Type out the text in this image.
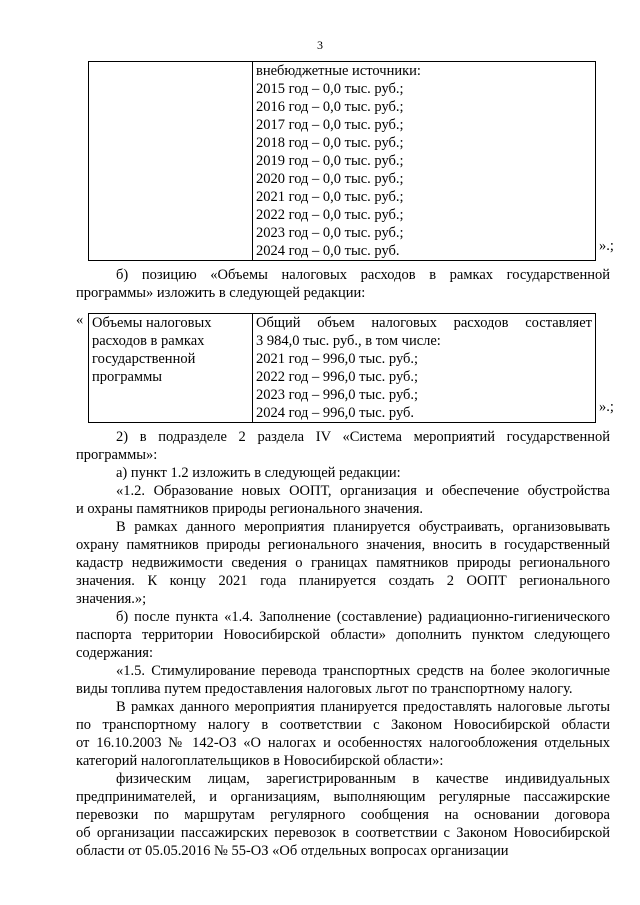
3

внебюджетные источники:
2015 год – 0,0 тыс. руб.;
2016 год – 0,0 тыс. руб.;
2017 год – 0,0 тыс. руб.;
2018 год – 0,0 тыс. руб.;
2019 год – 0,0 тыс. руб.;
2020 год – 0,0 тыс. руб.;
2021 год – 0,0 тыс. руб.;
2022 год – 0,0 тыс. руб.;
2023 год – 0,0 тыс. руб.;
2024 год – 0,0 тыс. руб.	».;
б) позицию «Объемы налоговых расходов в рамках государственной
программы» изложить в следующей редакции:
« Объемы налоговых
расходов в рамках
государственной
программы

Общий объем налоговых расходов составляет
3 984,0 тыс. руб., в том числе:
2021 год – 996,0 тыс. руб.;
2022 год – 996,0 тыс. руб.;
2023 год – 996,0 тыс. руб.;
2024 год – 996,0 тыс. руб.	».;
2) в подразделе 2 раздела IV «Система мероприятий государственной
программы»:
а) пункт 1.2 изложить в следующей редакции:
«1.2. Образование новых ООПТ, организация и обеспечение обустройства
и охраны памятников природы регионального значения.
В рамках данного мероприятия планируется обустраивать, организовывать
охрану памятников природы регионального значения, вносить в государственный
кадастр недвижимости сведения о границах памятников природы регионального
значения. К концу 2021 года планируется создать 2 ООПТ регионального
значения.»;
б) после пункта «1.4. Заполнение (составление) радиационно-гигиенического
паспорта территории Новосибирской области» дополнить пунктом следующего
содержания:
«1.5. Стимулирование перевода транспортных средств на более экологичные
виды топлива путем предоставления налоговых льгот по транспортному налогу.
В рамках данного мероприятия планируется предоставлять налоговые льготы
по транспортному налогу в соответствии с Законом Новосибирской области
от 16.10.2003 № 142-ОЗ «О налогах и особенностях налогообложения отдельных
категорий налогоплательщиков в Новосибирской области»:
физическим лицам, зарегистрированным в качестве индивидуальных
предпринимателей, и организациям, выполняющим регулярные пассажирские
перевозки по маршрутам регулярного сообщения на основании договора
об организации пассажирских перевозок в соответствии с Законом Новосибирской
области от 05.05.2016 № 55-ОЗ «Об отдельных вопросах организации
